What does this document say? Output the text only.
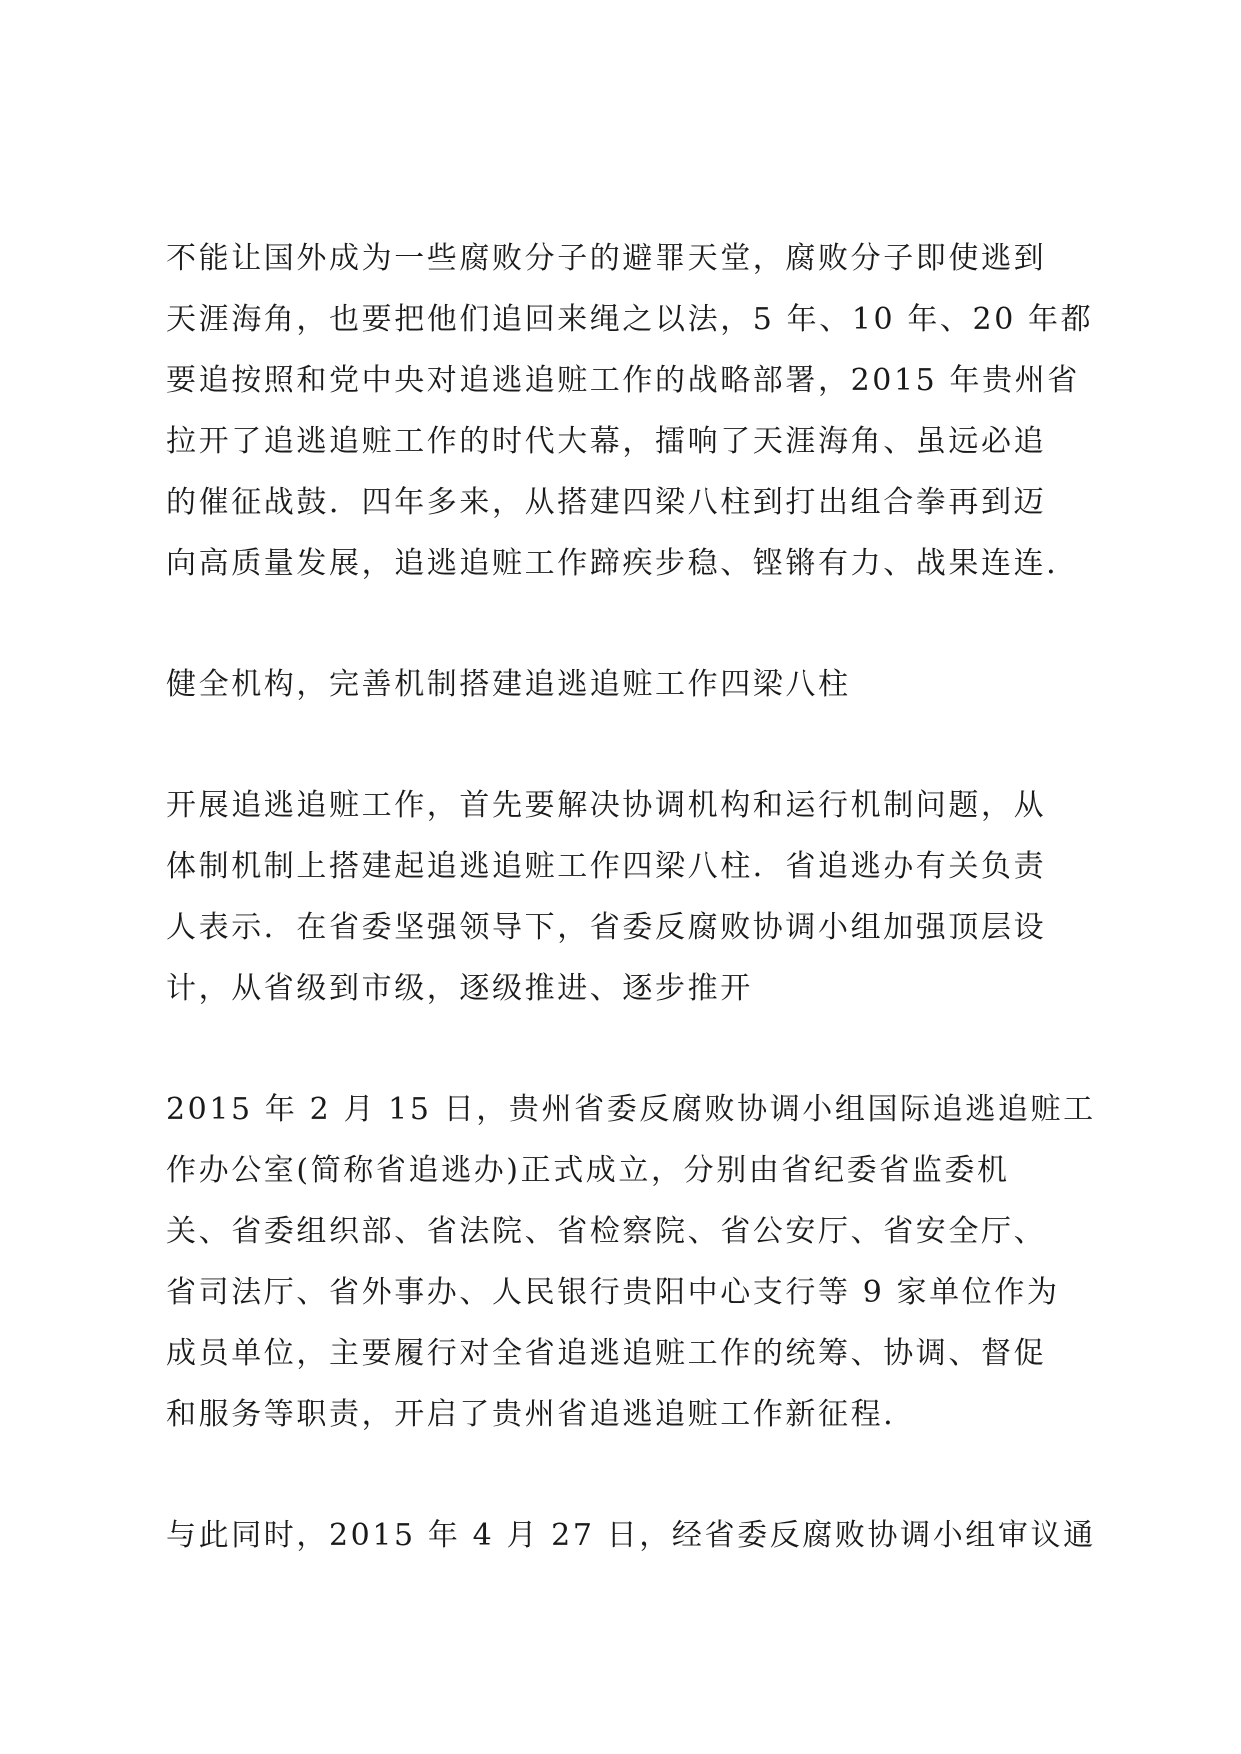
不能让国外成为一些腐败分子的避罪天堂，腐败分子即使逃到
天涯海角，也要把他们追回来绳之以法，5 年、10 年、20 年都
要追按照和党中央对追逃追赃工作的战略部署，2015 年贵州省
拉开了追逃追赃工作的时代大幕，擂响了天涯海角、虽远必追
的催征战鼓．四年多来，从搭建四梁八柱到打出组合拳再到迈
向高质量发展，追逃追赃工作蹄疾步稳、铿锵有力、战果连连．
健全机构，完善机制搭建追逃追赃工作四梁八柱
开展追逃追赃工作，首先要解决协调机构和运行机制问题，从
体制机制上搭建起追逃追赃工作四梁八柱．省追逃办有关负责
人表示．在省委坚强领导下，省委反腐败协调小组加强顶层设
计，从省级到市级，逐级推进、逐步推开
2015 年 2 月 15 日，贵州省委反腐败协调小组国际追逃追赃工
作办公室(简称省追逃办)正式成立，分别由省纪委省监委机
关、省委组织部、省法院、省检察院、省公安厅、省安全厅、
省司法厅、省外事办、人民银行贵阳中心支行等 9 家单位作为
成员单位，主要履行对全省追逃追赃工作的统筹、协调、督促
和服务等职责，开启了贵州省追逃追赃工作新征程．
与此同时，2015 年 4 月 27 日，经省委反腐败协调小组审议通
